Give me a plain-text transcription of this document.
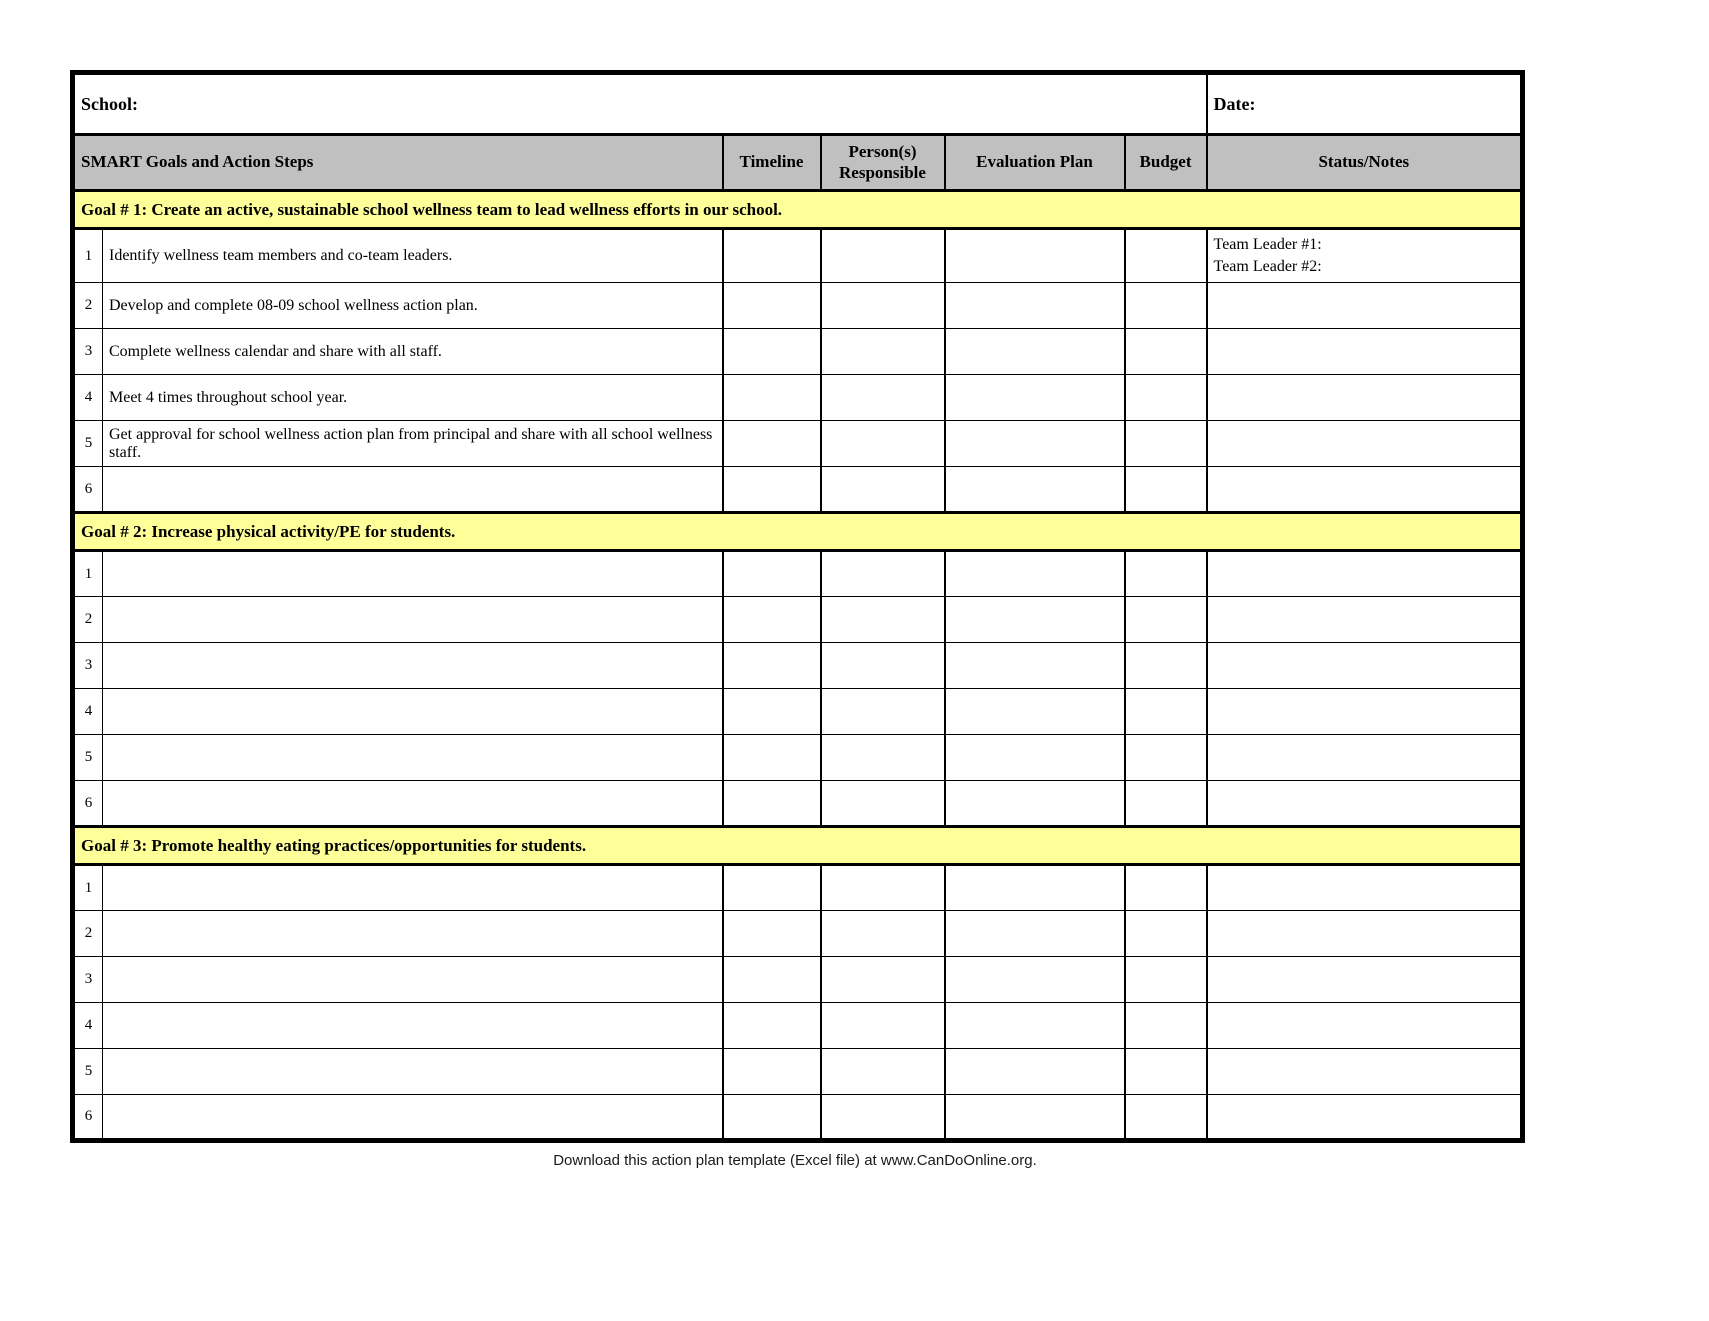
School:						Date:
SMART Goals and Action Steps		Timeline	Person(s) Responsible	Evaluation Plan	Budget	Status/Notes
Goal # 1: Create an active, sustainable school wellness team to lead wellness efforts in our school.						
1	Identify wellness team members and co-team leaders.					Team Leader #1:
Team Leader #2:

2	Develop and complete 08-09 school wellness action plan.					
3	Complete wellness calendar and share with all staff.					
4	Meet 4 times throughout school year.					
5	Get approval for school wellness action plan from principal and share with all school wellness staff.					
6						
Goal # 2: Increase physical activity/PE for students.						
1						
2						
3						
4						
5						
6						
Goal # 3: Promote healthy eating practices/opportunities for students.						
1						
2						
3						
4						
5						
6						
Download this action plan template (Excel file) at www.CanDoOnline.org.
